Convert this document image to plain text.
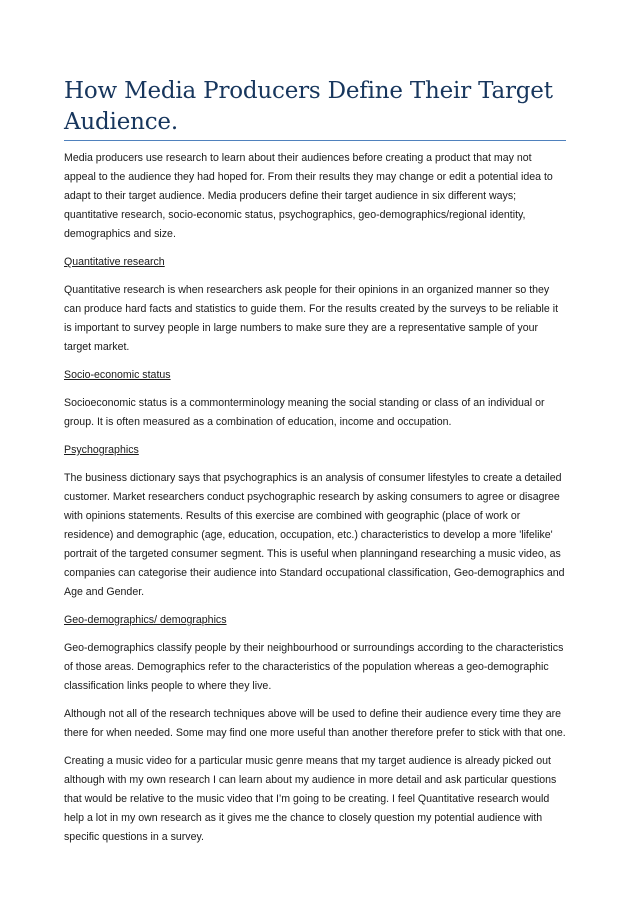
How Media Producers Define Their Target Audience.

Media producers use research to learn about their audiences before creating a product that may not appeal to the audience they had hoped for. From their results they may change or edit a potential idea to adapt to their target audience. Media producers define their target audience in six different ways; quantitative research, socio-economic status, psychographics, geo-demographics/regional identity, demographics and size.

Quantitative research

Quantitative research is when researchers ask people for their opinions in an organized manner so they can produce hard facts and statistics to guide them. For the results created by the surveys to be reliable it is important to survey people in large numbers to make sure they are a representative sample of your target market.

Socio-economic status

Socioeconomic status is a commonterminology meaning the social standing or class of an individual or group. It is often measured as a combination of education, income and occupation.

Psychographics

The business dictionary says that psychographics is an analysis of consumer lifestyles to create a detailed customer. Market researchers conduct psychographic research by asking consumers to agree or disagree with opinions statements. Results of this exercise are combined with geographic (place of work or residence) and demographic (age, education, occupation, etc.) characteristics to develop a more 'lifelike' portrait of the targeted consumer segment. This is useful when planningand researching a music video, as companies can categorise their audience into Standard occupational classification, Geo-demographics and Age and Gender.

Geo-demographics/ demographics

Geo-demographics classify people by their neighbourhood or surroundings according to the characteristics of those areas. Demographics refer to the characteristics of the population whereas a geo-demographic classification links people to where they live.

Although not all of the research techniques above will be used to define their audience every time they are there for when needed. Some may find one more useful than another therefore prefer to stick with that one.

Creating a music video for a particular music genre means that my target audience is already picked out although with my own research I can learn about my audience in more detail and ask particular questions that would be relative to the music video that I’m going to be creating. I feel Quantitative research would help a lot in my own research as it gives me the chance to closely question my potential audience with specific questions in a survey.
